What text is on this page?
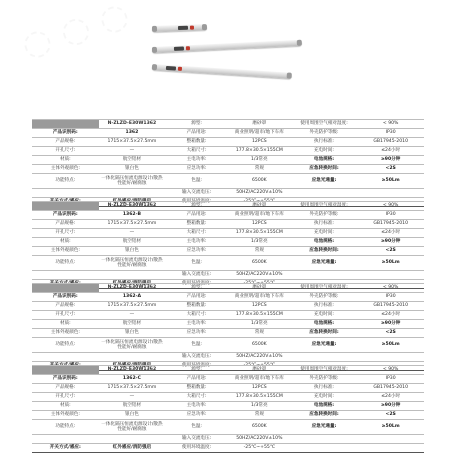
	N-ZLZD-E30W1362	源型:	磨砂罩	使用周围空气相对湿度:	< 90%
产品识别码:	1362	产品用途:	商业照明/超市/地下车库	外壳防护等级:	IP30
产品规格:	1715×37.5×27.5mm	整箱数量:	12PCS	执行标准:	GB17945-2010
开孔尺寸:	—	大箱尺寸:	177.8×30.5×155CM	充电时间:	≤24小时
材质:	航空铝材	主电功率:	1/3常亮	电池规格:	≥90分钟
主体外观颜色:	银白色	应急功率:	常规	应急转换时间:	<2S
功能特点:	一体化隔压恒流电源设计/散热性能好/耐腐蚀	色温:	6500K	应急光通量:	≥50Lm
		输入交流电压:	50HZ/AC220V±10%		
	红外感应/消防强启	使用环境温度:	-25℃~+55℃		
	N-ZLZD-E30W1362	源型:	磨砂罩	使用周围空气相对湿度:	< 90%
产品识别码:	1362-B	产品用途:	商业照明/超市/地下车库	外壳防护等级:	IP30
产品规格:	1715×37.5×27.5mm	整箱数量:	12PCS	执行标准:	GB17945-2010
开孔尺寸:	—	大箱尺寸:	177.8×30.5×155CM	充电时间:	≤24小时
材质:	航空铝材	主电功率:	1/3常亮	电池规格:	≥90分钟
主体外观颜色:	银白色	应急功率:	常规	应急转换时间:	<2S
功能特点:	一体化隔压恒流电源设计/散热性能好/耐腐蚀	色温:	6500K	应急光通量:	≥50Lm
		输入交流电压:	50HZ/AC220V±10%		
	红外感应/消防强启	使用环境温度:	-25℃~+55℃		
	N-ZLZD-E30W1362	源型:	磨砂罩	使用周围空气相对湿度:	< 90%
产品识别码:	1362-A	产品用途:	商业照明/超市/地下车库	外壳防护等级:	IP30
产品规格:	1715×37.5×27.5mm	整箱数量:	12PCS	执行标准:	GB17945-2010
开孔尺寸:	—	大箱尺寸:	177.8×30.5×155CM	充电时间:	≤24小时
材质:	航空铝材	主电功率:	1/3常亮	电池规格:	≥90分钟
主体外观颜色:	银白色	应急功率:	常规	应急转换时间:	<2S
功能特点:	一体化隔压恒流电源设计/散热性能好/耐腐蚀	色温:	6500K	应急光通量:	≥50Lm
		输入交流电压:	50HZ/AC220V±10%		
	红外感应/消防强启	使用环境温度:	-25℃~+55℃		
	N-ZLZD-E30W1362	源型:	磨砂罩	使用周围空气相对湿度:	< 90%
产品识别码:	1362-C	产品用途:	商业照明/超市/地下车库	外壳防护等级:	IP30
产品规格:	1715×37.5×27.5mm	整箱数量:	12PCS	执行标准:	GB17945-2010
开孔尺寸:	—	大箱尺寸:	177.8×30.5×155CM	充电时间:	≤24小时
材质:	航空铝材	主电功率:	1/3常亮	电池规格:	≥90分钟
主体外观颜色:	银白色	应急功率:	常规	应急转换时间:	<2S
功能特点:	一体化隔压恒流电源设计/散热性能好/耐腐蚀	色温:	6500K	应急光通量:	≥50Lm
		输入交流电压:	50HZ/AC220V±10%		
开关方式/感应:	红外感应/消防强启	使用环境温度:	-25℃~+55℃		
